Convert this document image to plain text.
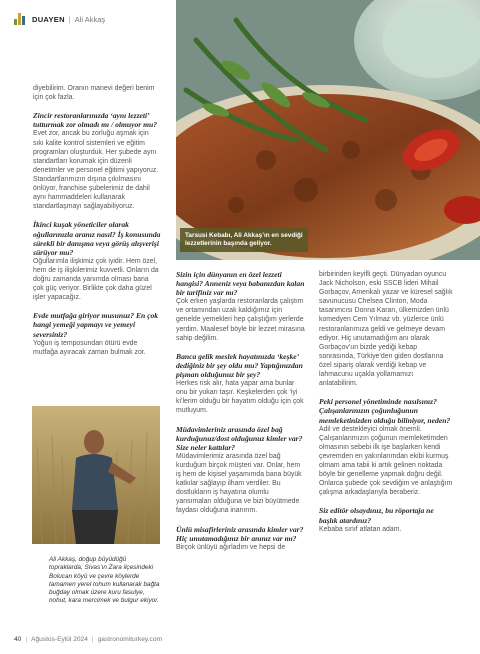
DUAYEN | Ali Akkaş
Tarsusi Kebabı, Ali Akkaş’ın en sevdiği lezzetlerinin başında geliyor.

diyebilirim. Oranın manevi değeri benim için çok fazla.

Zincir restoranlarınızda ‘aynı lezzeti’ tutturmak zor olmadı mı / olmuyor mu?

Evet zor, ancak bu zorluğu aşmak için sıkı kalite kontrol sistemleri ve eğitim programları oluşturduk. Her şubede aynı standartları korumak için düzenli denetimler ve personel eğitimi yapıyoruz. Standartlarımızın dışına çıkılmasını önlüyor, franchise şubelerimiz de dahil aynı hammaddeleri kullanarak standartlaşmayı sağlayabiliyoruz.

İkinci kuşak yöneticiler olarak oğullarınızla aranız nasıl? İş konusunda sürekli bir danışma veya görüş alışverişi sürüyor mu?

Oğullarımla ilişkimiz çok iyidir. Hem özel, hem de iş ilişkilerimiz kuvvetli. Onların da doğru zamanda yanımda olması bana çok güç veriyor. Birlikte çok daha güzel işler yapacağız.

Evde mutfağa giriyor musunuz? En çok hangi yemeği yapmayı ve yemeyi seversiniz?

Yoğun iş temposundan ötürü evde mutfağa ayıracak zaman bulmak zor.

Ali Akkaş, doğup büyüdüğü topraklarda, Sivas’ın Zara ilçesindeki Bolucan köyü ve çevre köylerde tamamen yerel tohum kullanarak bağta buğday olmak üzere kuru fasulye, nohut, kara mercimek ve bulgur ekiyor.

Sizin için dünyanın en özel lezzeti hangisi? Anneniz veya babanızdan kalan bir tarifiniz var mı?

Çok erken yaşlarda restoranlarda çalıştım ve ortamından uzak kaldığımız için genelde yemekleri hep çalıştığım yerlerde yerdim. Maalesef böyle bir lezzet mirasına sahip değilim.

Banca gelik meslek hayatınızda ‘keşke’ dediğiniz bir şey oldu mu? Yaptığınızdan pişman olduğunuz bir şey?

Herkes risk alır, hata yapar ama bunlar onu bir yukarı taşır. Keşkelerden çok ‘iyi ki’lerim olduğu bir hayatım olduğu için çok mutluyum.

Müdavimleriniz arasında özel bağ kurduğunuz/dost olduğunuz kimler var? Size neler kattılar?

Müdavimlerimiz arasında özel bağ kurduğum birçok müşteri var. Onlar, hem iş hem de kişisel yaşamımda bana büyük katkılar sağlayıp ilham verdiler. Bu dostlukların iş hayatına olumlu yansımaları olduğuna ve bizi büyütmede faydası olduğuna inanırım.

Ünlü misafirleriniz arasında kimler var? Hiç unutamadığınız bir anınız var mı?

Birçok ünlüyü ağırladım ve hepsi de

birbirinden keyifli geçti. Dünyadan oyuncu Jack Nicholson, eski SSCB lideri Mihail Gorbaçov, Amerikalı yazar ve küresel sağlık savunucusu Chelsea Clinton, Moda tasarımcısı Donna Karan, ülkemizden ünlü komedyen Cem Yılmaz vb. yüzlerce ünlü restoranlarımıza geldi ve gelmeye devam ediyor. Hiç unutamadığım anı olarak Gorbaçov’un bizde yediği kebap sonrasında, Türkiye’den giden dostlarına özel sipariş olarak verdiği kebap ve lahmacunu uçakla yollamamızı anlatabilirim.

Peki personel yönetiminde nasılsınız? Çalışanlarınızın çoğunluğunun memleketinizden olduğu biliniyor, neden?

Adil ve destekleyici olmak önemli. Çalışanlarımızın çoğunun memleketimden olmasının sebebi ilk işe başlarken kendi çevremden en yakınlarımdan ekibi kurmuş olmam ama tabii ki artık gelinen noktada böyle bir genelleme yapmak doğru değil. Onlarca şubede çok sevdiğim ve anlaştığım çalışma arkadaşlarıyla beraberiz.

Siz editör olsaydınız, bu röportaja ne başlık atardınız?

Kebaba sınıf atlatan adam.

40 | Ağustos-Eylül 2024 | gastronomiturkey.com
